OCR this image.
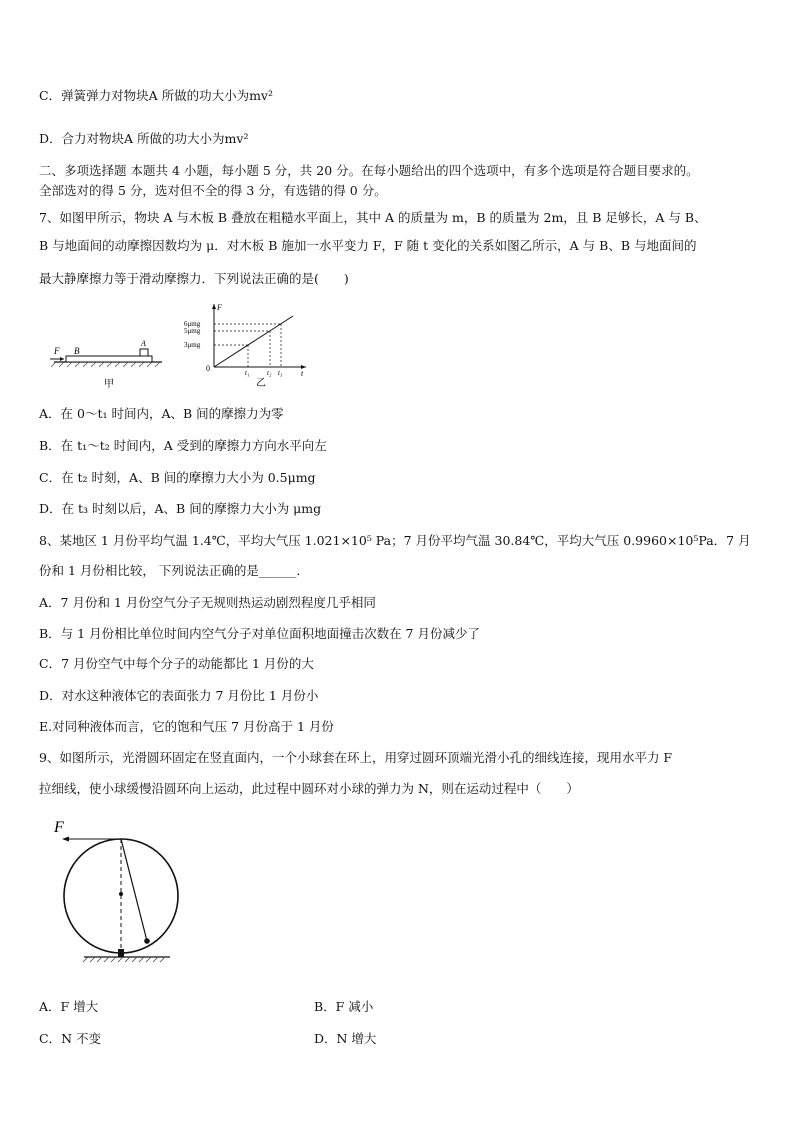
C．弹簧弹力对物块A 所做的功大小为mv²
D．合力对物块A 所做的功大小为mv²
二、多项选择题 本题共 4 小题，每小题 5 分，共 20 分。在每小题给出的四个选项中，有多个选项是符合题目要求的。
全部选对的得 5 分，选对但不全的得 3 分，有选错的得 0 分。
7、如图甲所示，物块 A 与木板 B 叠放在粗糙水平面上，其中 A 的质量为 m，B 的质量为 2m，且 B 足够长，A 与 B、
B 与地面间的动摩擦因数均为 μ．对木板 B 施加一水平变力 F，F 随 t 变化的关系如图乙所示，A 与 B、B 与地面间的
最大静摩擦力等于滑动摩擦力．下列说法正确的是(　　)
F B
A
甲
F
t
0
6μmg
5μmg
3μmg
t₁	t₂ t₃
乙
A．在 0～t₁ 时间内，A、B 间的摩擦力为零
B．在 t₁～t₂ 时间内，A 受到的摩擦力方向水平向左
C．在 t₂ 时刻，A、B 间的摩擦力大小为 0.5μmg
D．在 t₃ 时刻以后，A、B 间的摩擦力大小为 μmg
8、某地区 1 月份平均气温 1.4℃，平均大气压 1.021×10⁵ Pa；7 月份平均气温 30.84℃，平均大气压 0.9960×10⁵Pa．7 月
份和 1 月份相比较， 下列说法正确的是______．
A．7 月份和 1 月份空气分子无规则热运动剧烈程度几乎相同
B．与 1 月份相比单位时间内空气分子对单位面积地面撞击次数在 7 月份减少了
C．7 月份空气中每个分子的动能都比 1 月份的大
D．对水这种液体它的表面张力 7 月份比 1 月份小
E.对同种液体而言，它的饱和气压 7 月份高于 1 月份
9、如图所示，光滑圆环固定在竖直面内，一个小球套在环上，用穿过圆环顶端光滑小孔的细线连接，现用水平力 F
拉细线，使小球缓慢沿圆环向上运动，此过程中圆环对小球的弹力为 N，则在运动过程中（　　）
F
A．F 增大	B．F 减小
C．N 不变	D．N 增大
